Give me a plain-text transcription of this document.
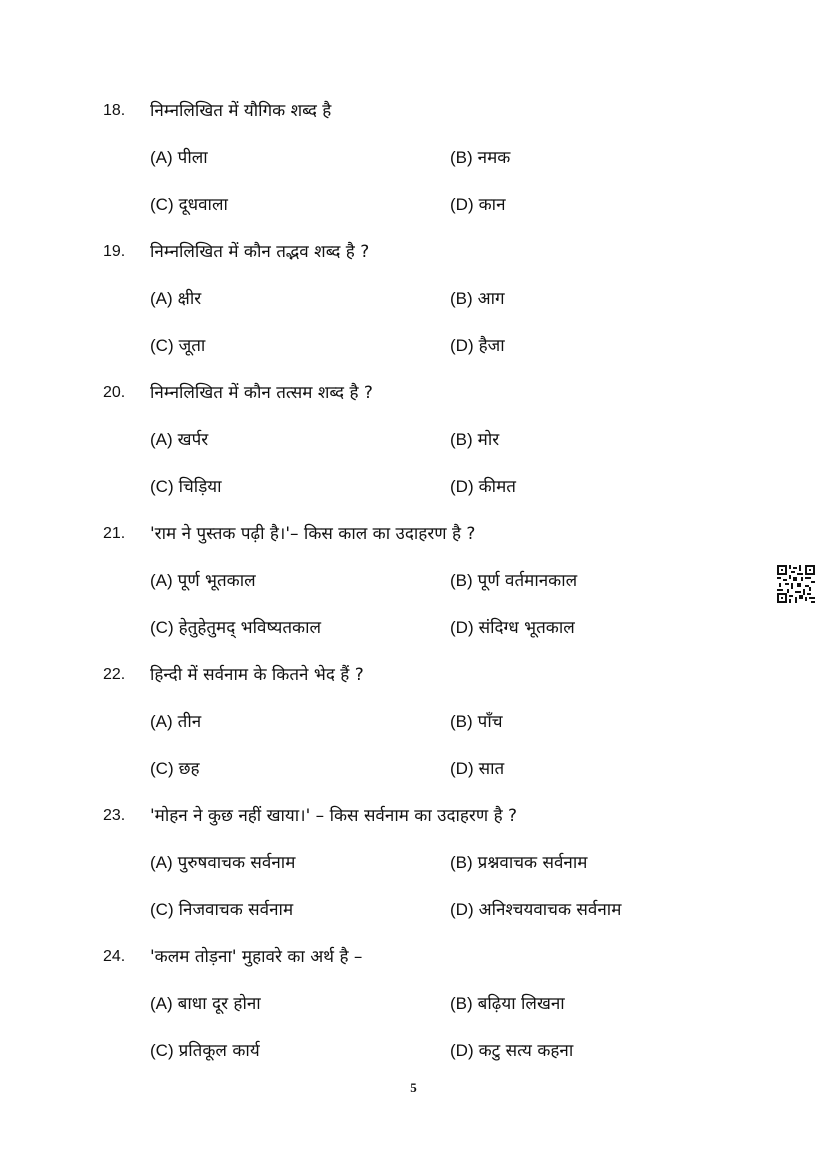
18. निम्नलिखित में यौगिक शब्द है
(A) पीला	(B) नमक
(C) दूधवाला	(D) कान
19. निम्नलिखित में कौन तद्भव शब्द है ?
(A) क्षीर	(B) आग
(C) जूता	(D) हैजा
20. निम्नलिखित में कौन तत्सम शब्द है ?
(A) खर्पर	(B) मोर
(C) चिड़िया	(D) कीमत
21. 'राम ने पुस्तक पढ़ी है।'– किस काल का उदाहरण है ?
(A) पूर्ण भूतकाल	(B) पूर्ण वर्तमानकाल
(C) हेतुहेतुमद् भविष्यतकाल	(D) संदिग्ध भूतकाल
22. हिन्दी में सर्वनाम के कितने भेद हैं ?
(A) तीन	(B) पाँच
(C) छह	(D) सात
23. 'मोहन ने कुछ नहीं खाया।' – किस सर्वनाम का उदाहरण है ?
(A) पुरुषवाचक सर्वनाम	(B) प्रश्नवाचक सर्वनाम
(C) निजवाचक सर्वनाम	(D) अनिश्चयवाचक सर्वनाम
24. 'कलम तोड़ना' मुहावरे का अर्थ है –
(A) बाधा दूर होना	(B) बढ़िया लिखना
(C) प्रतिकूल कार्य	(D) कटु सत्य कहना
5
